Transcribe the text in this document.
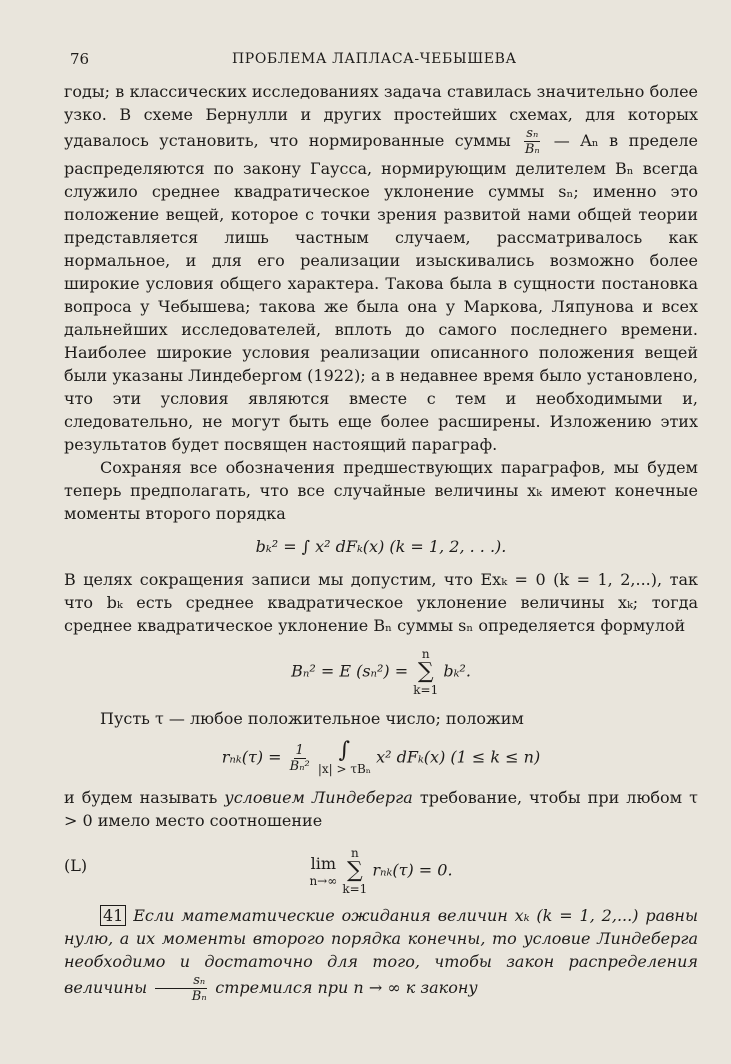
76	ПРОБЛЕМА ЛАПЛАСА-ЧЕБЫШЕВА

годы; в классических исследованиях задача ставилась значительно более узко. В схеме Бернулли и других простейших схемах, для которых удавалось установить, что нормированные суммы $\frac{\text{sₙ}}{\text{Bₙ}}$ — Aₙ в пределе распределяются по закону Гаусса, нормирующим делителем Bₙ всегда служило среднее квадратическое уклонение суммы sₙ; именно это положение вещей, которое с точки зрения развитой нами общей теории представляется лишь частным случаем, рассматривалось как нормальное, и для его реализации изыскивались возможно более широкие условия общего характера. Такова была в сущности постановка вопроса у Чебышева; такова же была она у Маркова, Ляпунова и всех дальнейших исследователей, вплоть до самого последнего времени. Наиболее широкие условия реализации описанного положения вещей были указаны Линдебергом (1922); а в недавнее время было установлено, что эти условия являются вместе с тем и необходимыми и, следовательно, не могут быть еще более расширены. Изложению этих результатов будет посвящен настоящий параграф.

Сохраняя все обозначения предшествующих параграфов, мы будем теперь предполагать, что все случайные величины xₖ имеют конечные моменты второго порядка

bₖ² = ∫ x² dFₖ(x) (k = 1, 2, . . .).

В целях сокращения записи мы допустим, что Exₖ = 0 (k = 1, 2,...), так что bₖ есть среднее квадратическое уклонение величины xₖ; тогда среднее квадратическое уклонение Bₙ суммы sₙ определяется формулой

Bₙ² = E (sₙ²) =
n
∑
k=1
bₖ².

Пусть τ — любое положительное число; положим

$r_{nk}(\tau) = \frac{1}{\text{Bₙ²}}$
∫
|x| > τBₙ
x² dFₖ(x) (1 ≤ k ≤ n)

и будем называть условием Линдеберга требование, чтобы при любом τ > 0 имело место соотношение

(L)	lim
n→∞

n
∑
k=1
rₙₖ(τ) = 0.

41 Если математические ожидания величин xₖ (k = 1, 2,...) равны нулю, а их моменты второго порядка конечны, то условие Линдеберга необходимо и достаточно для того, чтобы закон распределения величины $\frac{\text{sₙ}}{\text{Bₙ}}$ стремился при n → ∞ к закону
